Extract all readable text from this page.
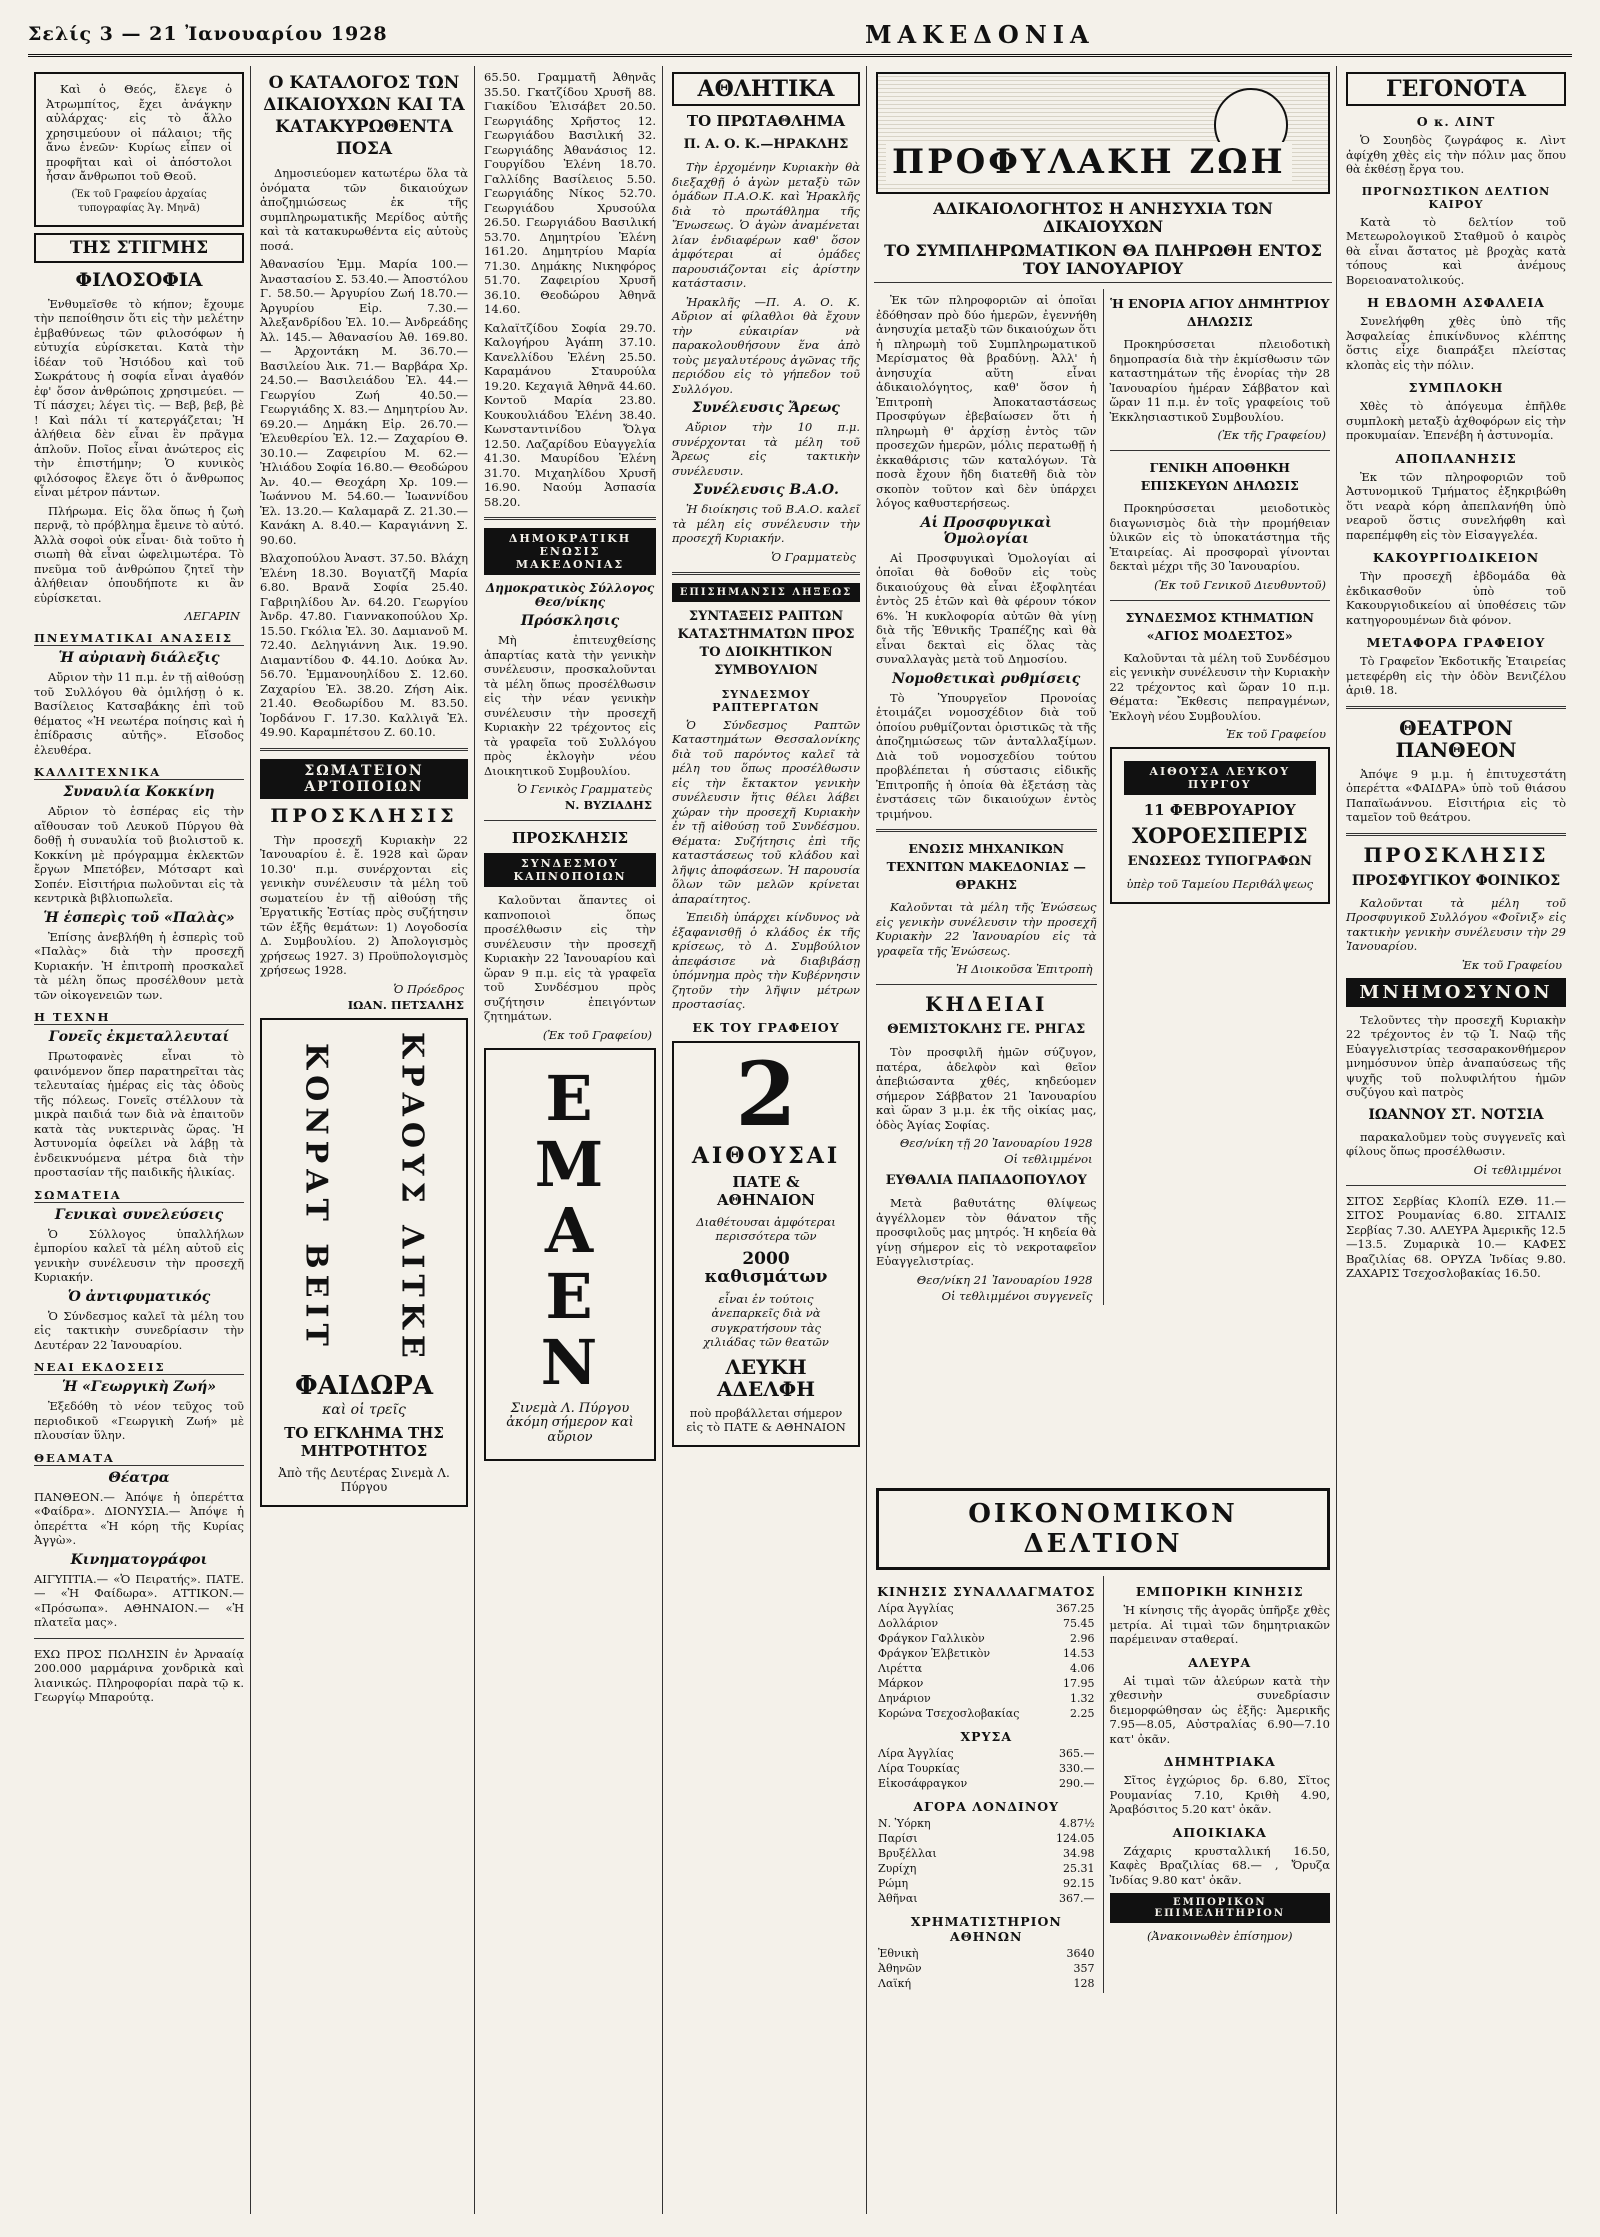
Σελίς 3 — 21 Ἰανουαρίου 1928	ΜΑΚΕΔΟΝΙΑ
Καὶ ὁ Θεός, ἔλεγε ὁ Ἀτρωμπίτος, ἔχει ἀνάγκην αὐλάρχας· εἰς τὸ ἄλλο χρησιμεύουν οἱ πάλαιοι; τῆς ἄνω ἐνεῶν· Κυρίως εἶπεν οἱ προφῆται καὶ οἱ ἀπόστολοι ἦσαν ἄνθρωποι τοῦ Θεοῦ.
(Ἐκ τοῦ Γραφείου ἀρχαίας τυπογραφίας Ἁγ. Μηνᾶ)
ΤΗΣ ΣΤΙΓΜΗΣ
ΦΙΛΟΣΟΦΙΑ
Ἐνθυμεῖσθε τὸ κήπον; ἔχουμε τὴν πεποίθησιν ὅτι εἰς τὴν μελέτην ἐμβαθύνεως τῶν φιλοσόφων ἡ εὐτυχία εὑρίσκεται. Κατὰ τὴν ἰδέαν τοῦ Ἠσιόδου καὶ τοῦ Σωκράτους ἡ σοφία εἶναι ἀγαθόν ἐφ' ὅσον ἀνθρώποις χρησιμεύει. — Τί πάσχει; λέγει τὶς. — Βεβ, βεβ, βὲ ! Καὶ πάλι τί κατεργάζεται; Ἡ ἀλήθεια δὲν εἶναι ἓν πρᾶγμα ἁπλοῦν. Ποῖος εἶναι ἀνώτερος εἰς τὴν ἐπιστήμην; Ὁ κυνικὸς φιλόσοφος ἔλεγε ὅτι ὁ ἄνθρωπος εἶναι μέτρον πάντων.
Πλήρωμα. Εἰς ὅλα ὅπως ἡ ζωὴ περνᾷ, τὸ πρόβλημα ἔμεινε τὸ αὐτό. Ἀλλὰ σοφοὶ οὐκ εἶναι· διὰ τοῦτο ἡ σιωπὴ θὰ εἶναι ὡφελιμωτέρα. Τὸ πνεῦμα τοῦ ἀνθρώπου ζητεῖ τὴν ἀλήθειαν ὁπουδήποτε κι ἂν εὑρίσκεται.
ΛΕΓΑΡΙΝ
ΠΝΕΥΜΑΤΙΚΑΙ ΑΝΑΣΕΙΣ
Ἡ αὐριανὴ διάλεξις
Αὔριον τὴν 11 π.μ. ἐν τῇ αἰθούσῃ τοῦ Συλλόγου θὰ ὁμιλήσῃ ὁ κ. Βασίλειος Κατσαβάκης ἐπὶ τοῦ θέματος «Ἡ νεωτέρα ποίησις καὶ ἡ ἐπίδρασις αὐτῆς». Εἴσοδος ἐλευθέρα.
ΚΑΛΛΙΤΕΧΝΙΚΑ
Συναυλία Κοκκίνη
Αὔριον τὸ ἑσπέρας εἰς τὴν αἴθουσαν τοῦ Λευκοῦ Πύργου θὰ δοθῇ ἡ συναυλία τοῦ βιολιστοῦ κ. Κοκκίνη μὲ πρόγραμμα ἐκλεκτῶν ἔργων Μπετόβεν, Μότσαρτ καὶ Σοπέν. Εἰσιτήρια πωλοῦνται εἰς τὰ κεντρικὰ βιβλιοπωλεῖα.
Ἡ ἑσπερὶς τοῦ «Παλὰς»
Ἐπίσης ἀνεβλήθη ἡ ἑσπερὶς τοῦ «Παλὰς» διὰ τὴν προσεχῆ Κυριακήν. Ἡ ἐπιτροπὴ προσκαλεῖ τὰ μέλη ὅπως προσέλθουν μετὰ τῶν οἰκογενειῶν των.
Η ΤΕΧΝΗ
Γονεῖς ἐκμεταλλευταί
Πρωτοφανὲς εἶναι τὸ φαινόμενον ὅπερ παρατηρεῖται τὰς τελευταίας ἡμέρας εἰς τὰς ὁδοὺς τῆς πόλεως. Γονεῖς στέλλουν τὰ μικρὰ παιδιά των διὰ νὰ ἐπαιτοῦν κατὰ τὰς νυκτερινὰς ὥρας. Ἡ Ἀστυνομία ὀφείλει νὰ λάβῃ τὰ ἐνδεικνυόμενα μέτρα διὰ τὴν προστασίαν τῆς παιδικῆς ἡλικίας.
ΣΩΜΑΤΕΙΑ
Γενικαὶ συνελεύσεις
Ὁ Σύλλογος ὑπαλλήλων ἐμπορίου καλεῖ τὰ μέλη αὑτοῦ εἰς γενικὴν συνέλευσιν τὴν προσεχῆ Κυριακήν.
Ὁ ἀντιφυματικός
Ὁ Σύνδεσμος καλεῖ τὰ μέλη του εἰς τακτικὴν συνεδρίασιν τὴν Δευτέραν 22 Ἰανουαρίου.
ΝΕΑΙ ΕΚΔΟΣΕΙΣ
Ἡ «Γεωργικὴ Ζωή»
Ἐξεδόθη τὸ νέον τεῦχος τοῦ περιοδικοῦ «Γεωργικὴ Ζωή» μὲ πλουσίαν ὕλην.
ΘΕΑΜΑΤΑ
Θέατρα
ΠΑΝΘΕΟΝ.— Ἀπόψε ἡ ὀπερέττα «Φαίδρα». ΔΙΟΝΥΣΙΑ.— Ἀπόψε ἡ ὀπερέττα «Ἡ κόρη τῆς Κυρίας Ἀγγὼ».
Κινηματογράφοι
ΑΙΓΥΠΤΙΑ.— «Ὁ Πειρατής». ΠΑΤΕ.— «Ἡ Φαίδωρα». ΑΤΤΙΚΟΝ.— «Πρόσωπα». ΑΘΗΝΑΙΟΝ.— «Ἡ πλατεῖα μας».
ΕΧΩ ΠΡΟΣ ΠΩΛΗΣΙΝ ἐν Ἀρνααίᾳ 200.000 μαρμάρινα χονδρικὰ καὶ λιανικώς. Πληροφορίαι παρὰ τῷ κ. Γεωργίῳ Μπαρούτᾳ.
Ο ΚΑΤΑΛΟΓΟΣ ΤΩΝ ΔΙΚΑΙΟΥΧΩΝ ΚΑΙ ΤΑ ΚΑΤΑΚΥΡΩΘΕΝΤΑ ΠΟΣΑ
Δημοσιεύομεν κατωτέρω ὅλα τὰ ὀνόματα τῶν δικαιούχων ἀποζημιώσεως ἐκ τῆς συμπληρωματικῆς Μερίδος αὐτῆς καὶ τὰ κατακυρωθέντα εἰς αὐτοὺς ποσά.
Ἀθανασίου Ἐμμ. Μαρία 100.— Ἀναστασίου Σ. 53.40.— Ἀποστόλου Γ. 58.50.— Ἀργυρίου Ζωή 18.70.— Ἀργυρίου Εἰρ. 7.30.— Ἀλεξανδρίδου Ἐλ. 10.— Ἀνδρεάδης Ἀλ. 145.— Ἀθανασίου Ἀθ. 169.80.— Ἀρχοντάκη Μ. 36.70.— Βασιλείου Ἀικ. 71.— Βαρβάρα Χρ. 24.50.— Βασιλειάδου Ἐλ. 44.— Γεωργίου Ζωή 40.50.— Γεωργιάδης Χ. 83.— Δημητρίου Ἀν. 69.20.— Δημάκη Εἰρ. 26.70.— Ἐλευθερίου Ἐλ. 12.— Ζαχαρίου Θ. 30.10.— Ζαφειρίου Μ. 62.— Ἠλιάδου Σοφία 16.80.— Θεοδώρου Ἀν. 40.— Θεοχάρη Χρ. 109.— Ἰωάννου Μ. 54.60.— Ἰωαννίδου Ἑλ. 13.20.— Καλαμαρᾶ Ζ. 21.30.— Κανάκη Α. 8.40.— Καραγιάννη Σ. 90.60.
Βλαχοπούλου Ἀναστ. 37.50. Βλάχη Ἑλένη 18.30. Βογιατζῆ Μαρία 6.80. Βρανᾶ Σοφία 25.40. Γαβριηλίδου Ἀν. 64.20. Γεωργίου Ἀνδρ. 47.80. Γιαννακοπούλου Χρ. 15.50. Γκόλια Ἑλ. 30. Δαμιανοῦ Μ. 72.40. Δεληγιάννη Ἀικ. 19.90. Διαμαντίδου Φ. 44.10. Δούκα Ἀν. 56.70. Ἐμμανουηλίδου Σ. 12.60. Ζαχαρίου Ἑλ. 38.20. Ζήση Αἰκ. 21.40. Θεοδωρίδου Μ. 83.50. Ἰορδάνου Γ. 17.30. Καλλιγᾶ Ἑλ. 49.90. Καραμπέτσου Ζ. 60.10.
ΣΩΜΑΤΕΙΟΝ ΑΡΤΟΠΟΙΩΝ
ΠΡΟΣΚΛΗΣΙΣ
Τὴν προσεχῆ Κυριακὴν 22 Ἰανουαρίου ἐ. ἔ. 1928 καὶ ὥραν 10.30' π.μ. συνέρχονται εἰς γενικὴν συνέλευσιν τὰ μέλη τοῦ σωματείου ἐν τῇ αἰθούσῃ τῆς Ἐργατικῆς Ἑστίας πρὸς συζήτησιν τῶν ἑξῆς θεμάτων: 1) Λογοδοσία Δ. Συμβουλίου. 2) Ἀπολογισμὸς χρήσεως 1927. 3) Προϋπολογισμὸς χρήσεως 1928.
Ὁ Πρόεδρος
ΙΩΑΝ. ΠΕΤΣΑΛΗΣ
ΚΟΝΡΑΤ ΒΕΙΤ ΚΡΑΟΥΣ ΛΙΤΚΕ
ΦΑΙΔΩΡΑ
καὶ οἱ τρεῖς
ΤΟ ΕΓΚΛΗΜΑ ΤΗΣ ΜΗΤΡΟΤΗΤΟΣ
Ἀπὸ τῆς Δευτέρας Σινεμὰ Λ. Πύργου
65.50. Γραμματῆ Ἀθηνᾶς 35.50. Γκατζίδου Χρυσῆ 88. Γιακίδου Ἐλισάβετ 20.50. Γεωργιάδης Χρῆστος 12. Γεωργιάδου Βασιλική 32. Γεωργιάδης Ἀθανάσιος 12. Γουργίδου Ἐλένη 18.70. Γαλλίδης Βασίλειος 5.50. Γεωργιάδης Νίκος 52.70. Γεωργιάδου Χρυσούλα 26.50. Γεωργιάδου Βασιλική 53.70. Δημητρίου Ἐλένη 161.20. Δημητρίου Μαρία 71.30. Δημάκης Νικηφόρος 51.70. Ζαφειρίου Χρυσῆ 36.10. Θεοδώρου Ἀθηνᾶ 14.60.
Καλαϊτζίδου Σοφία 29.70. Καλογήρου Ἀγάπη 37.10. Κανελλίδου Ἐλένη 25.50. Καραμάνου Σταυρούλα 19.20. Κεχαγιᾶ Ἀθηνᾶ 44.60. Κοντοῦ Μαρία 23.80. Κουκουλιάδου Ἑλένη 38.40. Κωνσταντινίδου Ὄλγα 12.50. Λαζαρίδου Εὐαγγελία 41.30. Μαυρίδου Ἐλένη 31.70. Μιχαηλίδου Χρυσῆ 16.90. Ναούμ Ἀσπασία 58.20.
ΔΗΜΟΚΡΑΤΙΚΗ ΕΝΩΣΙΣ ΜΑΚΕΔΟΝΙΑΣ
Δημοκρατικὸς Σύλλογος Θεσ/νίκης
Πρόσκλησις
Μὴ ἐπιτευχθείσης ἀπαρτίας κατὰ τὴν γενικὴν συνέλευσιν, προσκαλοῦνται τὰ μέλη ὅπως προσέλθωσιν εἰς τὴν νέαν γενικὴν συνέλευσιν τὴν προσεχῆ Κυριακὴν 22 τρέχοντος εἰς τὰ γραφεῖα τοῦ Συλλόγου πρὸς ἐκλογὴν νέου Διοικητικοῦ Συμβουλίου.
Ὁ Γενικὸς Γραμματεὺς
Ν. ΒΥΖΙΑΔΗΣ
ΠΡΟΣΚΛΗΣΙΣ
ΣΥΝΔΕΣΜΟΥ ΚΑΠΝΟΠΟΙΩΝ
Καλοῦνται ἅπαντες οἱ καπνοποιοὶ ὅπως προσέλθωσιν εἰς τὴν συνέλευσιν τὴν προσεχῆ Κυριακὴν 22 Ἰανουαρίου καὶ ὥραν 9 π.μ. εἰς τὰ γραφεῖα τοῦ Συνδέσμου πρὸς συζήτησιν ἐπειγόντων ζητημάτων.
(Ἐκ τοῦ Γραφείου)
ΕΜΑΕΝ
Σινεμὰ Λ. Πύργου ἀκόμη σήμερον καὶ αὔριον
ΑΘΛΗΤΙΚΑ
ΤΟ ΠΡΩΤΑΘΛΗΜΑ
Π. Α. Ο. Κ.—ΗΡΑΚΛΗΣ
Τὴν ἐρχομένην Κυριακὴν θὰ διεξαχθῇ ὁ ἀγὼν μεταξὺ τῶν ὁμάδων Π.Α.Ο.Κ. καὶ Ἡρακλῆς διὰ τὸ πρωτάθλημα τῆς Ἕνωσεως. Ὁ ἀγὼν ἀναμένεται λίαν ἐνδιαφέρων καθ' ὅσον ἀμφότεραι αἱ ὁμάδες παρουσιάζονται εἰς ἀρίστην κατάστασιν.
Ἡρακλῆς —Π. Α. Ο. Κ. Αὔριον αἱ φίλαθλοι θὰ ἔχουν τὴν εὐκαιρίαν νὰ παρακολουθήσουν ἕνα ἀπὸ τοὺς μεγαλυτέρους ἀγῶνας τῆς περιόδου εἰς τὸ γήπεδον τοῦ Συλλόγου.
Συνέλευσις Ἄρεως
Αὔριον τὴν 10 π.μ. συνέρχονται τὰ μέλη τοῦ Ἄρεως εἰς τακτικὴν συνέλευσιν.
Συνέλευσις Β.Α.Ο.
Ἡ διοίκησις τοῦ Β.Α.Ο. καλεῖ τὰ μέλη εἰς συνέλευσιν τὴν προσεχῆ Κυριακήν.
Ὁ Γραμματεὺς
ΕΠΙΣΗΜΑΝΣΙΣ ΛΗΞΕΩΣ
ΣΥΝΤΑΞΕΙΣ ΡΑΠΤΩΝ ΚΑΤΑΣΤΗΜΑΤΩΝ ΠΡΟΣ ΤΟ ΔΙΟΙΚΗΤΙΚΟΝ ΣΥΜΒΟΥΛΙΟΝ
ΣΥΝΔΕΣΜΟΥ ΡΑΠΤΕΡΓΑΤΩΝ
Ὁ Σύνδεσμος Ραπτῶν Καταστημάτων Θεσσαλονίκης διὰ τοῦ παρόντος καλεῖ τὰ μέλη του ὅπως προσέλθωσιν εἰς τὴν ἔκτακτον γενικὴν συνέλευσιν ἥτις θέλει λάβει χώραν τὴν προσεχῆ Κυριακὴν ἐν τῇ αἰθούσῃ τοῦ Συνδέσμου. Θέματα: Συζήτησις ἐπὶ τῆς καταστάσεως τοῦ κλάδου καὶ λῆψις ἀποφάσεων. Ἡ παρουσία ὅλων τῶν μελῶν κρίνεται ἀπαραίτητος.
Ἐπειδὴ ὑπάρχει κίνδυνος νὰ ἐξαφανισθῇ ὁ κλάδος ἐκ τῆς κρίσεως, τὸ Δ. Συμβούλιον ἀπεφάσισε νὰ διαβιβάσῃ ὑπόμνημα πρὸς τὴν Κυβέρνησιν ζητοῦν τὴν λῆψιν μέτρων προστασίας.
ΕΚ ΤΟΥ ΓΡΑΦΕΙΟΥ
2
ΑΙΘΟΥΣΑΙ
ΠΑΤΕ & ΑΘΗΝΑΙΟΝ
Διαθέτουσαι ἀμφότεραι περισσότερα τῶν
2000 καθισμάτων
εἶναι ἐν τούτοις ἀνεπαρκεῖς διὰ νὰ συγκρατήσουν τὰς χιλιάδας τῶν θεατῶν
ΛΕΥΚΗ ΑΔΕΛΦΗ
ποὺ προβάλλεται σήμερον εἰς τὸ ΠΑΤΕ & ΑΘΗΝΑΙΟΝ
ΠΡΟΦΥΛΑΚΗ ΖΩΗ
ΑΔΙΚΑΙΟΛΟΓΗΤΟΣ Η ΑΝΗΣΥΧΙΑ ΤΩΝ ΔΙΚΑΙΟΥΧΩΝ
ΤΟ ΣΥΜΠΛΗΡΩΜΑΤΙΚΟΝ ΘΑ ΠΛΗΡΩΘΗ ΕΝΤΟΣ ΤΟΥ ΙΑΝΟΥΑΡΙΟΥ
Ἐκ τῶν πληροφοριῶν αἱ ὁποῖαι ἐδόθησαν πρὸ δύο ἡμερῶν, ἐγεννήθη ἀνησυχία μεταξὺ τῶν δικαιούχων ὅτι ἡ πληρωμὴ τοῦ Συμπληρωματικοῦ Μερίσματος θὰ βραδύνῃ. Ἀλλ' ἡ ἀνησυχία αὕτη εἶναι ἀδικαιολόγητος, καθ' ὅσον ἡ Ἐπιτροπὴ Ἀποκαταστάσεως Προσφύγων ἐβεβαίωσεν ὅτι ἡ πληρωμὴ θ' ἀρχίσῃ ἐντὸς τῶν προσεχῶν ἡμερῶν, μόλις περατωθῇ ἡ ἐκκαθάρισις τῶν καταλόγων. Τὰ ποσὰ ἔχουν ἤδη διατεθῆ διὰ τὸν σκοπὸν τοῦτον καὶ δὲν ὑπάρχει λόγος καθυστερήσεως.
Αἱ Προσφυγικαὶ Ὁμολογίαι
Αἱ Προσφυγικαὶ Ὁμολογίαι αἱ ὁποῖαι θὰ δοθοῦν εἰς τοὺς δικαιούχους θὰ εἶναι ἐξοφλητέαι ἐντὸς 25 ἐτῶν καὶ θὰ φέρουν τόκον 6%. Ἡ κυκλοφορία αὐτῶν θὰ γίνῃ διὰ τῆς Ἐθνικῆς Τραπέζης καὶ θὰ εἶναι δεκταὶ εἰς ὅλας τὰς συναλλαγὰς μετὰ τοῦ Δημοσίου.
Νομοθετικαὶ ρυθμίσεις
Τὸ Ὑπουργεῖον Προνοίας ἑτοιμάζει νομοσχέδιον διὰ τοῦ ὁποίου ρυθμίζονται ὁριστικῶς τὰ τῆς ἀποζημιώσεως τῶν ἀνταλλαξίμων. Διὰ τοῦ νομοσχεδίου τούτου προβλέπεται ἡ σύστασις εἰδικῆς Ἐπιτροπῆς ἡ ὁποία θὰ ἐξετάσῃ τὰς ἐνστάσεις τῶν δικαιούχων ἐντὸς τριμήνου.
ΕΝΩΣΙΣ ΜΗΧΑΝΙΚΩΝ ΤΕΧΝΙΤΩΝ ΜΑΚΕΔΟΝΙΑΣ — ΘΡΑΚΗΣ
Καλοῦνται τὰ μέλη τῆς Ἑνώσεως εἰς γενικὴν συνέλευσιν τὴν προσεχῆ Κυριακὴν 22 Ἰανουαρίου εἰς τὰ γραφεῖα τῆς Ἑνώσεως.
Ἡ Διοικοῦσα Ἐπιτροπὴ
ΚΗΔΕΙΑΙ
ΘΕΜΙΣΤΟΚΛΗΣ ΓΕ. ΡΗΓΑΣ
Τὸν προσφιλῆ ἡμῶν σύζυγον, πατέρα, ἀδελφὸν καὶ θεῖον ἀπεβιώσαντα χθές, κηδεύομεν σήμερον Σάββατον 21 Ἰανουαρίου καὶ ὥραν 3 μ.μ. ἐκ τῆς οἰκίας μας, ὁδὸς Ἁγίας Σοφίας.
Θεσ/νίκη τῇ 20 Ἰανουαρίου 1928
Οἱ τεθλιμμένοι
ΕΥΘΑΛΙΑ ΠΑΠΑΔΟΠΟΥΛΟΥ
Μετὰ βαθυτάτης θλίψεως ἀγγέλλομεν τὸν θάνατον τῆς προσφιλοῦς μας μητρός. Ἡ κηδεία θὰ γίνῃ σήμερον εἰς τὸ νεκροταφεῖον Εὐαγγελιστρίας.
Θεσ/νίκη 21 Ἰανουαρίου 1928
Οἱ τεθλιμμένοι συγγενεῖς
Ἡ ΕΝΟΡΙΑ ΑΓΙΟΥ ΔΗΜΗΤΡΙΟΥ ΔΗΛΩΣΙΣ
Προκηρύσσεται πλειοδοτικὴ δημοπρασία διὰ τὴν ἐκμίσθωσιν τῶν καταστημάτων τῆς ἐνορίας τὴν 28 Ἰανουαρίου ἡμέραν Σάββατον καὶ ὥραν 11 π.μ. ἐν τοῖς γραφείοις τοῦ Ἐκκλησιαστικοῦ Συμβουλίου.
(Ἐκ τῆς Γραφείου)
ΓΕΝΙΚΗ ΑΠΟΘΗΚΗ ΕΠΙΣΚΕΥΩΝ ΔΗΛΩΣΙΣ
Προκηρύσσεται μειοδοτικὸς διαγωνισμὸς διὰ τὴν προμήθειαν ὑλικῶν εἰς τὸ ὑποκατάστημα τῆς Ἑταιρείας. Αἱ προσφοραὶ γίνονται δεκταὶ μέχρι τῆς 30 Ἰανουαρίου.
(Ἐκ τοῦ Γενικοῦ Διευθυντοῦ)
ΣΥΝΔΕΣΜΟΣ ΚΤΗΜΑΤΙΩΝ «ΑΓΙΟΣ ΜΟΔΕΣΤΟΣ»
Καλοῦνται τὰ μέλη τοῦ Συνδέσμου εἰς γενικὴν συνέλευσιν τὴν Κυριακὴν 22 τρέχοντος καὶ ὥραν 10 π.μ. Θέματα: Ἔκθεσις πεπραγμένων, Ἐκλογὴ νέου Συμβουλίου.
Ἐκ τοῦ Γραφείου
ΑΙΘΟΥΣΑ ΛΕΥΚΟΥ ΠΥΡΓΟΥ
11 ΦΕΒΡΟΥΑΡΙΟΥ
ΧΟΡΟΕΣΠΕΡΙΣ
ΕΝΩΣΕΩΣ ΤΥΠΟΓΡΑΦΩΝ
ὑπὲρ τοῦ Ταμείου Περιθάλψεως
ΟΙΚΟΝΟΜΙΚΟΝ ΔΕΛΤΙΟΝ
ΚΙΝΗΣΙΣ ΣΥΝΑΛΛΑΓΜΑΤΟΣ
Λίρα Ἀγγλίας	367.25
Δολλάριον	75.45
Φράγκον Γαλλικὸν	2.96
Φράγκον Ἑλβετικὸν	14.53
Λιρέττα	4.06
Μάρκον	17.95
Δηνάριον	1.32
Κορώνα Τσεχοσλοβακίας	2.25
ΧΡΥΣΑ
Λίρα Ἀγγλίας	365.—
Λίρα Τουρκίας	330.—
Εἰκοσάφραγκον	290.—
ΑΓΟΡΑ ΛΟΝΔΙΝΟΥ
Ν. Ὑόρκη	4.87½
Παρίσι	124.05
Βρυξέλλαι	34.98
Ζυρίχη	25.31
Ρώμη	92.15
Ἀθῆναι	367.—
ΧΡΗΜΑΤΙΣΤΗΡΙΟΝ ΑΘΗΝΩΝ
Ἐθνικὴ	3640
Ἀθηνῶν	357
Λαϊκή	128
ΕΜΠΟΡΙΚΗ ΚΙΝΗΣΙΣ
Ἡ κίνησις τῆς ἀγορᾶς ὑπῆρξε χθὲς μετρία. Αἱ τιμαὶ τῶν δημητριακῶν παρέμειναν σταθεραί.
ΑΛΕΥΡΑ
Αἱ τιμαὶ τῶν ἀλεύρων κατὰ τὴν χθεσινὴν συνεδρίασιν διεμορφώθησαν ὡς ἑξῆς: Ἀμερικῆς 7.95—8.05, Αὐστραλίας 6.90—7.10 κατ' ὀκᾶν.
ΔΗΜΗΤΡΙΑΚΑ
Σῖτος ἐγχώριος δρ. 6.80, Σῖτος Ρουμανίας 7.10, Κριθὴ 4.90, Ἀραβόσιτος 5.20 κατ' ὀκᾶν.
ΑΠΟΙΚΙΑΚΑ
Ζάχαρις κρυσταλλική 16.50, Καφὲς Βραζιλίας 68.— , Ὄρυζα Ἰνδίας 9.80 κατ' ὀκᾶν.
ΕΜΠΟΡΙΚΟΝ ΕΠΙΜΕΛΗΤΗΡΙΟΝ
(Ἀνακοινωθὲν ἐπίσημον)
ΓΕΓΟΝΟΤΑ
Ο κ. ΛΙΝΤ
Ὁ Σουηδὸς ζωγράφος κ. Λὶντ ἀφίχθη χθὲς εἰς τὴν πόλιν μας ὅπου θὰ ἐκθέσῃ ἔργα του.
ΠΡΟΓΝΩΣΤΙΚΟΝ ΔΕΛΤΙΟΝ ΚΑΙΡΟΥ
Κατὰ τὸ δελτίον τοῦ Μετεωρολογικοῦ Σταθμοῦ ὁ καιρὸς θὰ εἶναι ἄστατος μὲ βροχὰς κατὰ τόπους καὶ ἀνέμους Βορειοανατολικούς.
Η ΕΒΔΟΜΗ ΑΣΦΑΛΕΙΑ
Συνελήφθη χθὲς ὑπὸ τῆς Ἀσφαλείας ἐπικίνδυνος κλέπτης ὅστις εἶχε διαπράξει πλείστας κλοπὰς εἰς τὴν πόλιν.
ΣΥΜΠΛΟΚΗ
Χθὲς τὸ ἀπόγευμα ἐπῆλθε συμπλοκὴ μεταξὺ ἀχθοφόρων εἰς τὴν προκυμαίαν. Ἐπενέβη ἡ ἀστυνομία.
ΑΠΟΠΛΑΝΗΣΙΣ
Ἐκ τῶν πληροφοριῶν τοῦ Ἀστυνομικοῦ Τμήματος ἐξηκριβώθη ὅτι νεαρὰ κόρη ἀπεπλανήθη ὑπὸ νεαροῦ ὅστις συνελήφθη καὶ παρεπέμφθη εἰς τὸν Εἰσαγγελέα.
ΚΑΚΟΥΡΓΙΟΔΙΚΕΙΟΝ
Τὴν προσεχῆ ἑβδομάδα θὰ ἐκδικασθοῦν ὑπὸ τοῦ Κακουργιοδικείου αἱ ὑποθέσεις τῶν κατηγορουμένων διὰ φόνον.
ΜΕΤΑΦΟΡΑ ΓΡΑΦΕΙΟΥ
Τὸ Γραφεῖον Ἐκδοτικῆς Ἑταιρείας μετεφέρθη εἰς τὴν ὁδὸν Βενιζέλου ἀριθ. 18.
ΘΕΑΤΡΟΝ ΠΑΝΘΕΟΝ
Ἀπόψε 9 μ.μ. ἡ ἐπιτυχεστάτη ὀπερέττα «ΦΑΙΔΡΑ» ὑπὸ τοῦ θιάσου Παπαϊωάννου. Εἰσιτήρια εἰς τὸ ταμεῖον τοῦ θεάτρου.
ΠΡΟΣΚΛΗΣΙΣ
ΠΡΟΣΦΥΓΙΚΟΥ ΦΟΙΝΙΚΟΣ
Καλοῦνται τὰ μέλη τοῦ Προσφυγικοῦ Συλλόγου «Φοῖνιξ» εἰς τακτικὴν γενικὴν συνέλευσιν τὴν 29 Ἰανουαρίου.
Ἐκ τοῦ Γραφείου
ΜΝΗΜΟΣΥΝΟΝ
Τελοῦντες τὴν προσεχῆ Κυριακὴν 22 τρέχοντος ἐν τῷ Ἱ. Ναῷ τῆς Εὐαγγελιστρίας τεσσαρακονθήμερον μνημόσυνον ὑπὲρ ἀναπαύσεως τῆς ψυχῆς τοῦ πολυφιλήτου ἡμῶν συζύγου καὶ πατρὸς
ΙΩΑΝΝΟΥ ΣΤ. ΝΟΤΣΙΑ
παρακαλοῦμεν τοὺς συγγενεῖς καὶ φίλους ὅπως προσέλθωσιν.
Οἱ τεθλιμμένοι
ΣΙΤΟΣ Σερβίας Κλοπίλ ΕΖΘ. 11.— ΣΙΤΟΣ Ρουμανίας 6.80. ΣΙΤΑΛΙΣ Σερβίας 7.30. ΑΛΕΥΡΑ Ἀμερικῆς 12.5—13.5. Ζυμαρικὰ 10.— ΚΑΦΕΣ Βραζιλίας 68. ΟΡΥΖΑ Ἰνδίας 9.80. ΖΑΧΑΡΙΣ Τσεχοσλοβακίας 16.50.
